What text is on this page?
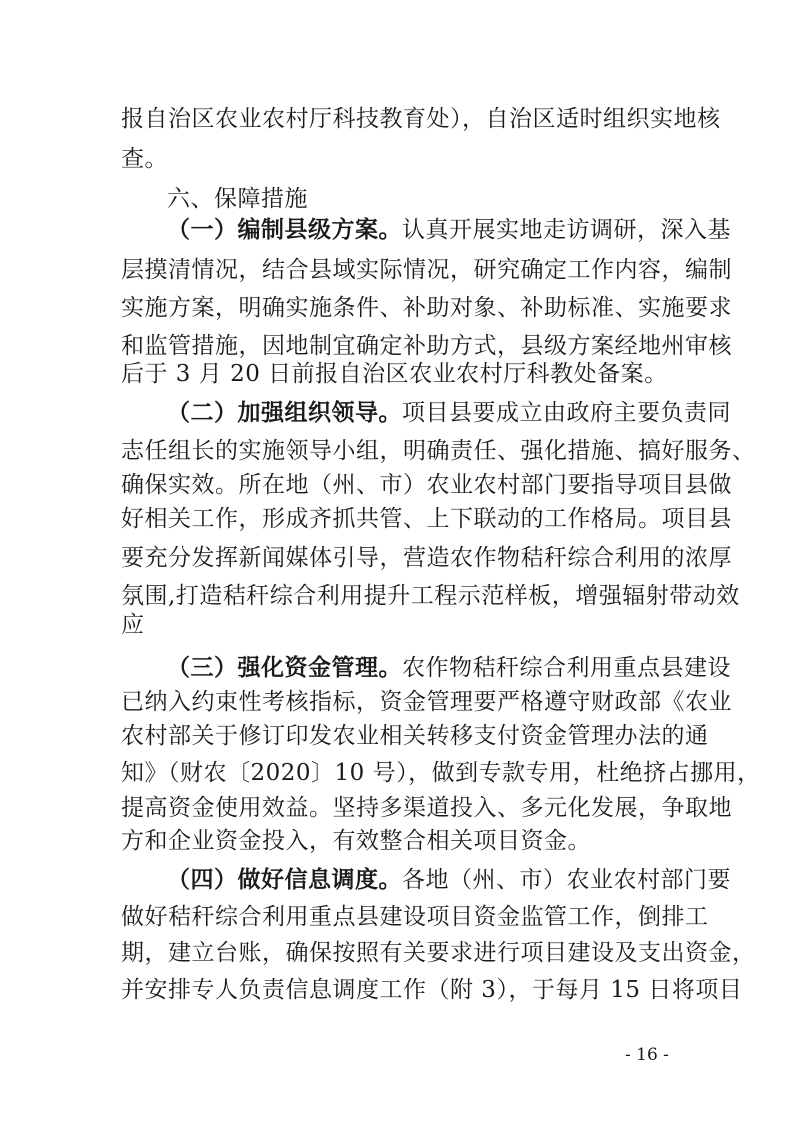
报自治区农业农村厅科技教育处），自治区适时组织实地核
查。
六、保障措施
（一）编制县级方案。认真开展实地走访调研，深入基
层摸清情况，结合县域实际情况，研究确定工作内容，编制
实施方案，明确实施条件、补助对象、补助标准、实施要求
和监管措施，因地制宜确定补助方式，县级方案经地州审核
后于 3 月 20 日前报自治区农业农村厅科教处备案。
（二）加强组织领导。项目县要成立由政府主要负责同
志任组长的实施领导小组，明确责任、强化措施、搞好服务、
确保实效。所在地（州、市）农业农村部门要指导项目县做
好相关工作，形成齐抓共管、上下联动的工作格局。项目县
要充分发挥新闻媒体引导，营造农作物秸秆综合利用的浓厚
氛围,打造秸秆综合利用提升工程示范样板，增强辐射带动效
应
（三）强化资金管理。农作物秸秆综合利用重点县建设
已纳入约束性考核指标，资金管理要严格遵守财政部《农业
农村部关于修订印发农业相关转移支付资金管理办法的通
知》（财农〔2020〕10 号），做到专款专用，杜绝挤占挪用，
提高资金使用效益。坚持多渠道投入、多元化发展，争取地
方和企业资金投入，有效整合相关项目资金。
（四）做好信息调度。各地（州、市）农业农村部门要
做好秸秆综合利用重点县建设项目资金监管工作，倒排工
期，建立台账，确保按照有关要求进行项目建设及支出资金，
并安排专人负责信息调度工作（附 3），于每月 15 日将项目
- 16 -
